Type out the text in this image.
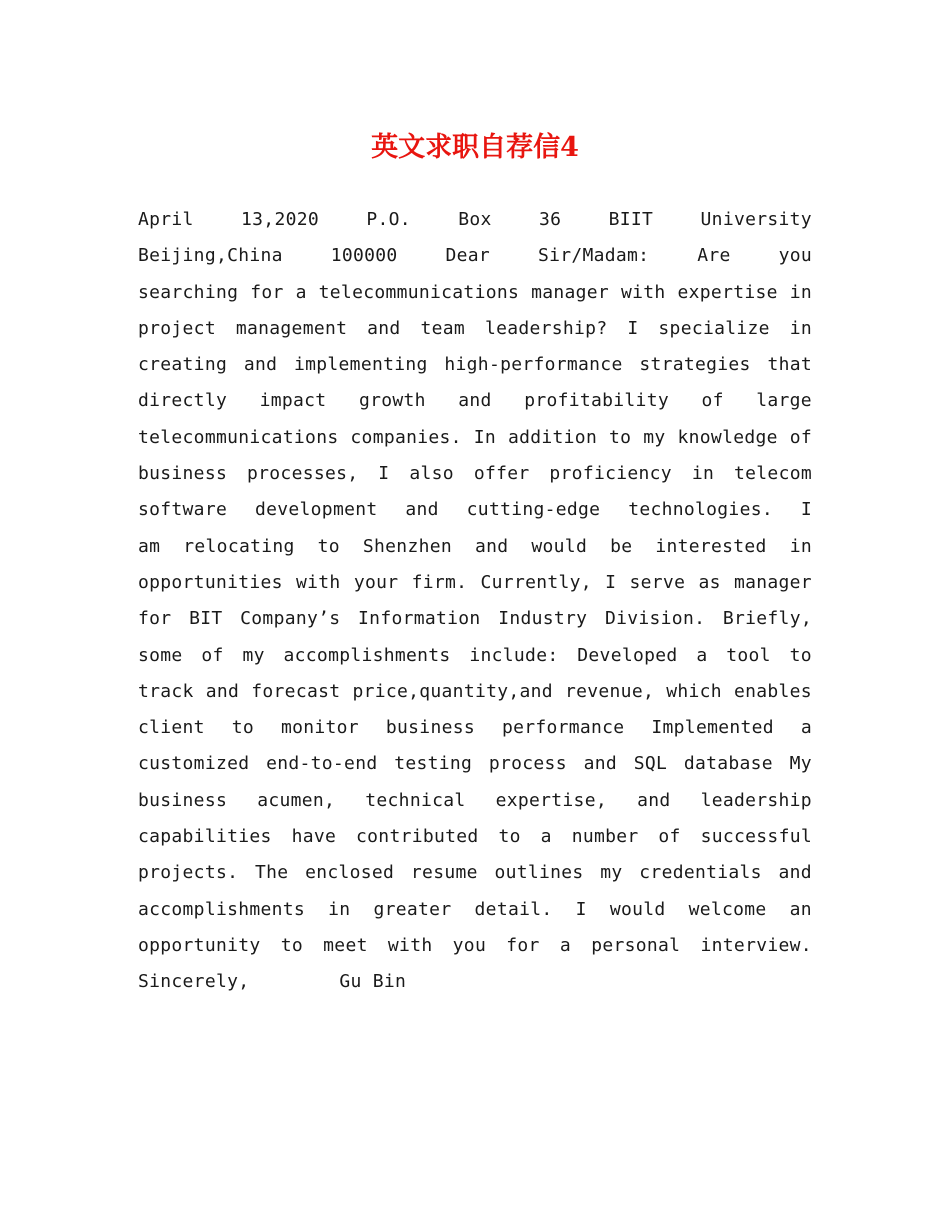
英文求职自荐信4
April	13,2020	P.O.	Box	36	BIIT	University
Beijing,China	100000	Dear	Sir/Madam:	Are	you
searching for a telecommunications manager with expertise in
project management and team leadership? I specialize in
creating and implementing high-performance strategies that
directly impact growth and profitability of large
telecommunications companies. In addition to my knowledge of
business processes, I also offer proficiency in telecom
software development and cutting-edge technologies. I
am relocating to Shenzhen and would be interested in
opportunities with your firm. Currently, I serve as manager
for BIT Company’s Information Industry Division. Briefly,
some of my accomplishments include: Developed a tool to
track and forecast price,quantity,and revenue, which enables
client to monitor business performance Implemented a
customized end-to-end testing process and SQL database My
business acumen, technical expertise, and leadership
capabilities have contributed to a number of successful
projects. The enclosed resume outlines my credentials and
accomplishments in greater detail. I would welcome an
opportunity to meet with you for a personal interview.
Sincerely,	Gu Bin
